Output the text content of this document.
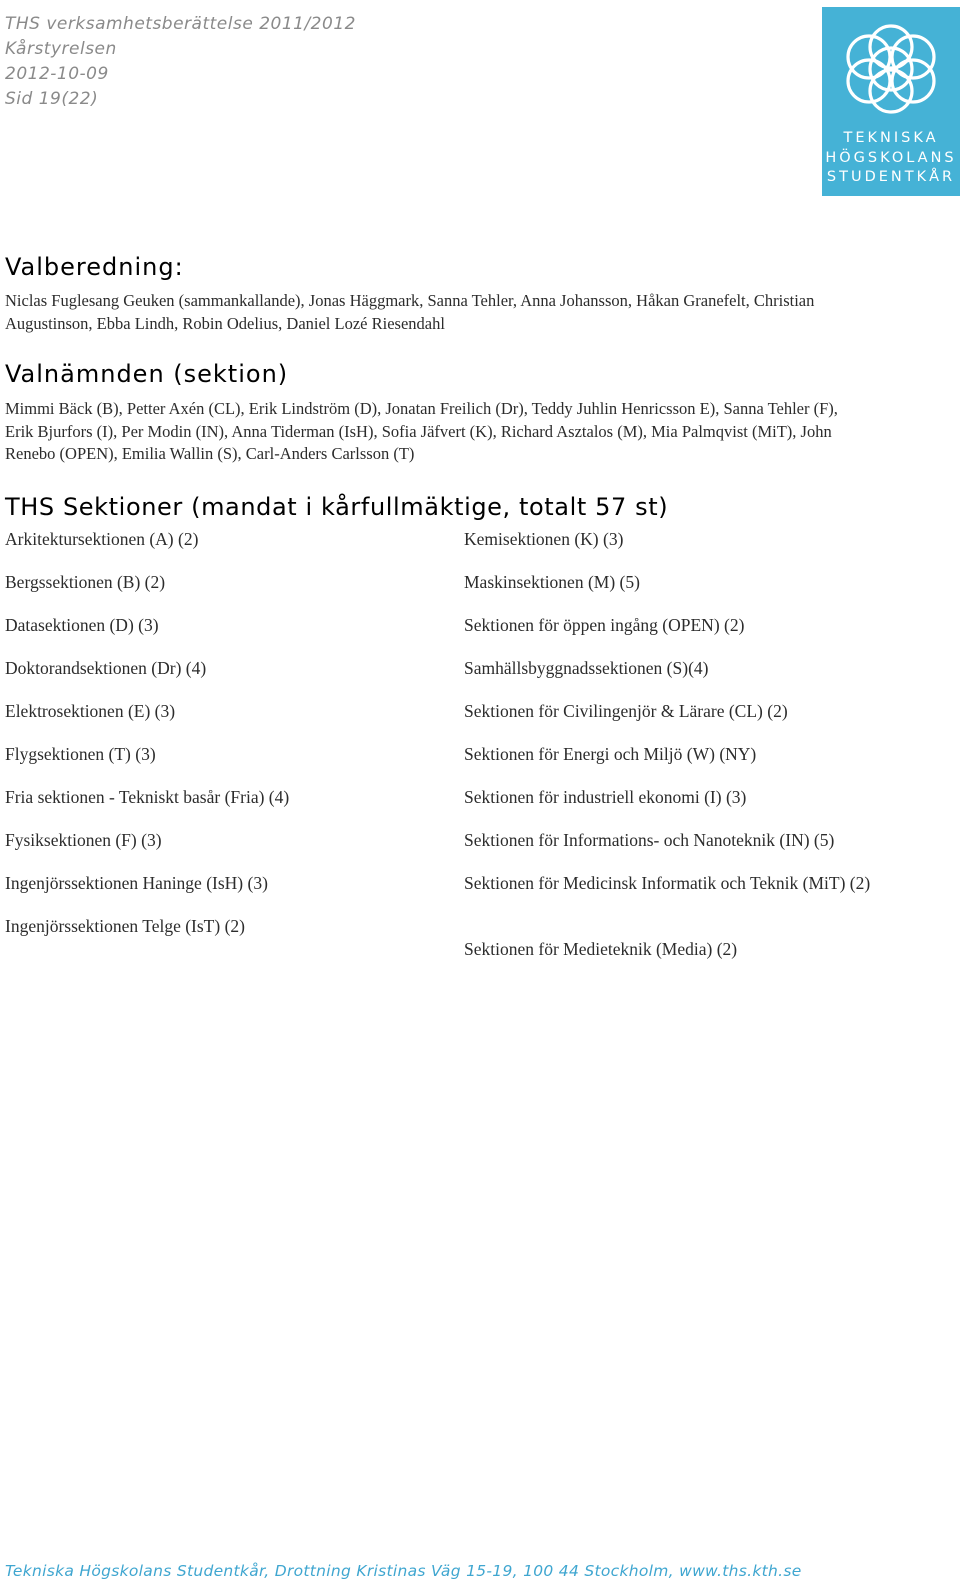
THS verksamhetsberättelse 2011/2012
Kårstyrelsen
2012-10-09
Sid 19(22)
TEKNISKA
HÖGSKOLANS
STUDENTKÅR
Valberedning:
Niclas Fuglesang Geuken (sammankallande), Jonas Häggmark, Sanna Tehler, Anna Johansson, Håkan Granefelt, Christian Augustinson, Ebba Lindh, Robin Odelius, Daniel Lozé Riesendahl
Valnämnden (sektion)
Mimmi Bäck (B), Petter Axén (CL), Erik Lindström (D), Jonatan Freilich (Dr), Teddy Juhlin Henricsson E), Sanna Tehler (F), Erik Bjurfors (I), Per Modin (IN), Anna Tiderman (IsH), Sofia Jäfvert (K), Richard Asztalos (M), Mia Palmqvist (MiT), John Renebo (OPEN), Emilia Wallin (S), Carl-Anders Carlsson (T)
THS Sektioner (mandat i kårfullmäktige, totalt 57 st)
Arkitektursektionen (A) (2)
Bergssektionen (B) (2)
Datasektionen (D) (3)
Doktorandsektionen (Dr) (4)
Elektrosektionen (E) (3)
Flygsektionen (T) (3)
Fria sektionen - Tekniskt basår (Fria) (4)
Fysiksektionen (F) (3)
Ingenjörssektionen Haninge (IsH) (3)
Ingenjörssektionen Telge (IsT) (2)
Kemisektionen (K) (3)
Maskinsektionen (M) (5)
Sektionen för öppen ingång (OPEN) (2)
Samhällsbyggnadssektionen (S)(4)
Sektionen för Civilingenjör & Lärare (CL) (2)
Sektionen för Energi och Miljö (W) (NY)
Sektionen för industriell ekonomi (I) (3)
Sektionen för Informations- och Nanoteknik (IN) (5)
Sektionen för Medicinsk Informatik och Teknik (MiT) (2)
Sektionen för Medieteknik (Media) (2)
Tekniska Högskolans Studentkår, Drottning Kristinas Väg 15-19, 100 44 Stockholm, www.ths.kth.se
